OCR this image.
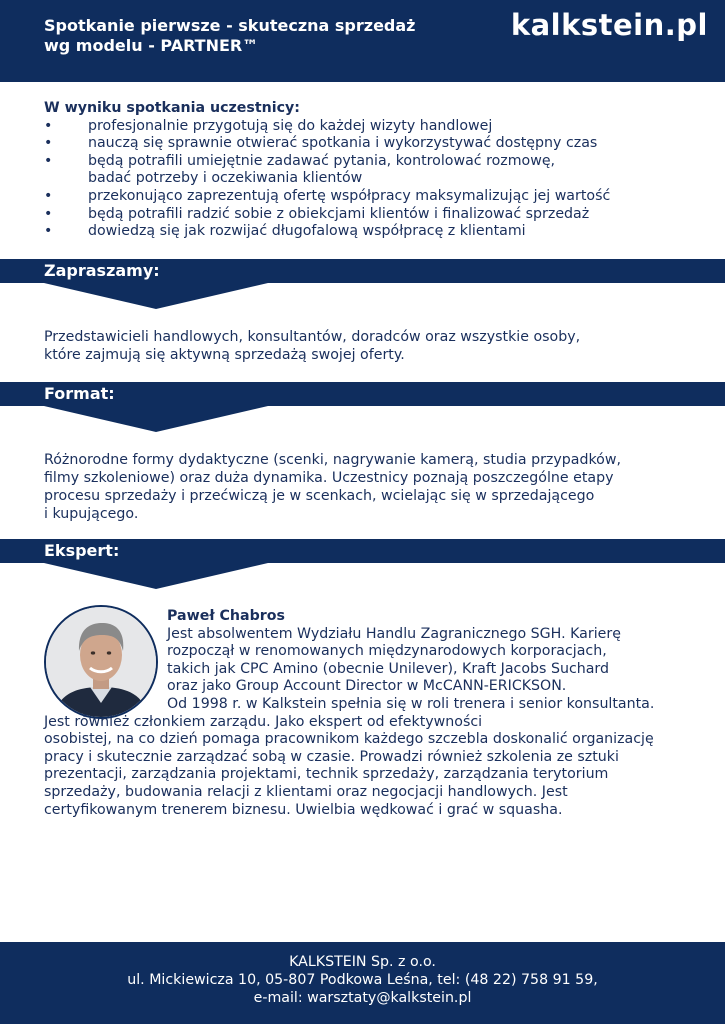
Spotkanie pierwsze - skuteczna sprzedaż
wg modelu - PARTNER™
kalkstein.pl
W wyniku spotkania uczestnicy:
•	profesjonalnie przygotują się do każdej wizyty handlowej
•	nauczą się sprawnie otwierać spotkania i wykorzystywać dostępny czas
•	będą potrafili umiejętnie zadawać pytania, kontrolować rozmowę,
badać potrzeby i oczekiwania klientów
•	przekonująco zaprezentują ofertę współpracy maksymalizując jej wartość
•	będą potrafili radzić sobie z obiekcjami klientów i finalizować sprzedaż
•	dowiedzą się jak rozwijać długofalową współpracę z klientami
Zapraszamy:
Przedstawicieli handlowych, konsultantów, doradców oraz wszystkie osoby,
które zajmują się aktywną sprzedażą swojej oferty.
Format:
Różnorodne formy dydaktyczne (scenki, nagrywanie kamerą, studia przypadków,
filmy szkoleniowe) oraz duża dynamika. Uczestnicy poznają poszczególne etapy
procesu sprzedaży i przećwiczą je w scenkach, wcielając się w sprzedającego
i kupującego.
Ekspert:
Paweł Chabros
Jest absolwentem Wydziału Handlu Zagranicznego SGH. Karierę
rozpoczął w renomowanych międzynarodowych korporacjach,
takich jak CPC Amino (obecnie Unilever), Kraft Jacobs Suchard
oraz jako Group Account Director w McCANN-ERICKSON.
Od 1998 r. w Kalkstein spełnia się w roli trenera i senior konsultanta.
Jest również członkiem zarządu. Jako ekspert od efektywności
osobistej, na co dzień pomaga pracownikom każdego szczebla doskonalić organizację pracy i skutecznie zarządzać sobą w czasie. Prowadzi również szkolenia ze sztuki prezentacji, zarządzania projektami, technik sprzedaży, zarządzania terytorium sprzedaży, budowania relacji z klientami oraz negocjacji handlowych. Jest certyfikowanym trenerem biznesu. Uwielbia wędkować i grać w squasha.
KALKSTEIN Sp. z o.o.
ul. Mickiewicza 10, 05-807 Podkowa Leśna, tel: (48 22) 758 91 59,
e-mail: warsztaty@kalkstein.pl
